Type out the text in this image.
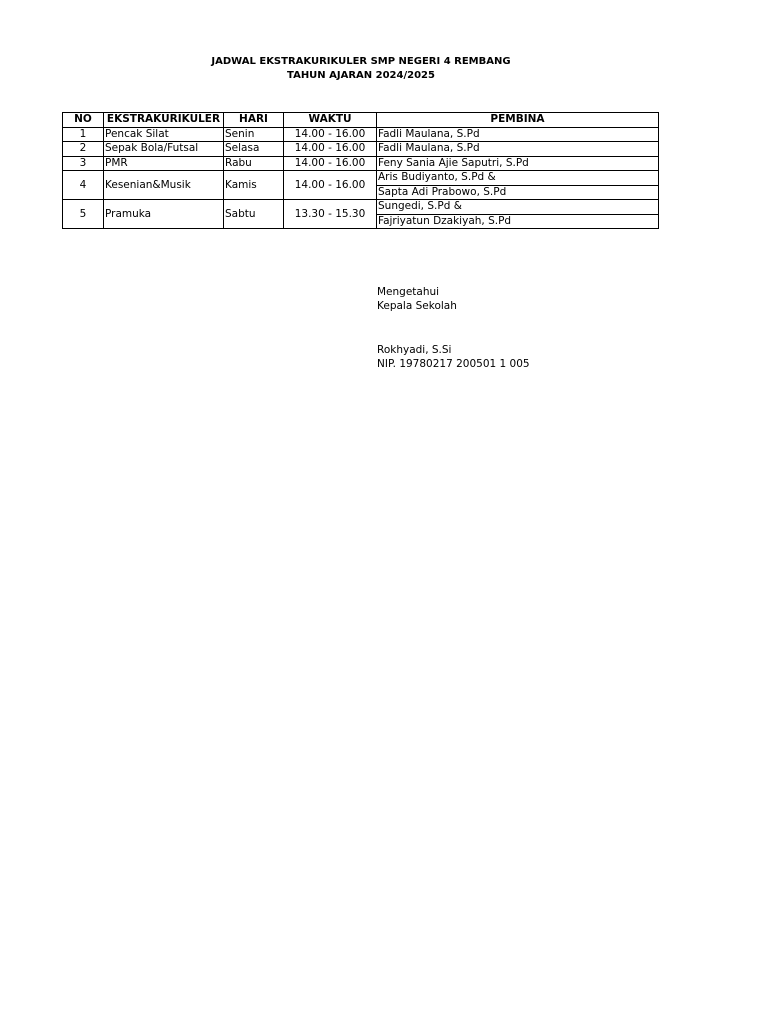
JADWAL EKSTRAKURIKULER SMP NEGERI 4 REMBANG
TAHUN AJARAN 2024/2025
NO	EKSTRAKURIKULER	HARI	WAKTU	PEMBINA
1	Pencak Silat	Senin	14.00 - 16.00	Fadli Maulana, S.Pd
2	Sepak Bola/Futsal	Selasa	14.00 - 16.00	Fadli Maulana, S.Pd
3	PMR	Rabu	14.00 - 16.00	Feny Sania Ajie Saputri, S.Pd
4	Kesenian&Musik	Kamis	14.00 - 16.00	Aris Budiyanto, S.Pd &
				Sapta Adi Prabowo, S.Pd
5	Pramuka	Sabtu	13.30 - 15.30	Sungedi, S.Pd &
				Fajriyatun Dzakiyah, S.Pd
Mengetahui
Kepala Sekolah
Rokhyadi, S.Si
NIP. 19780217 200501 1 005
